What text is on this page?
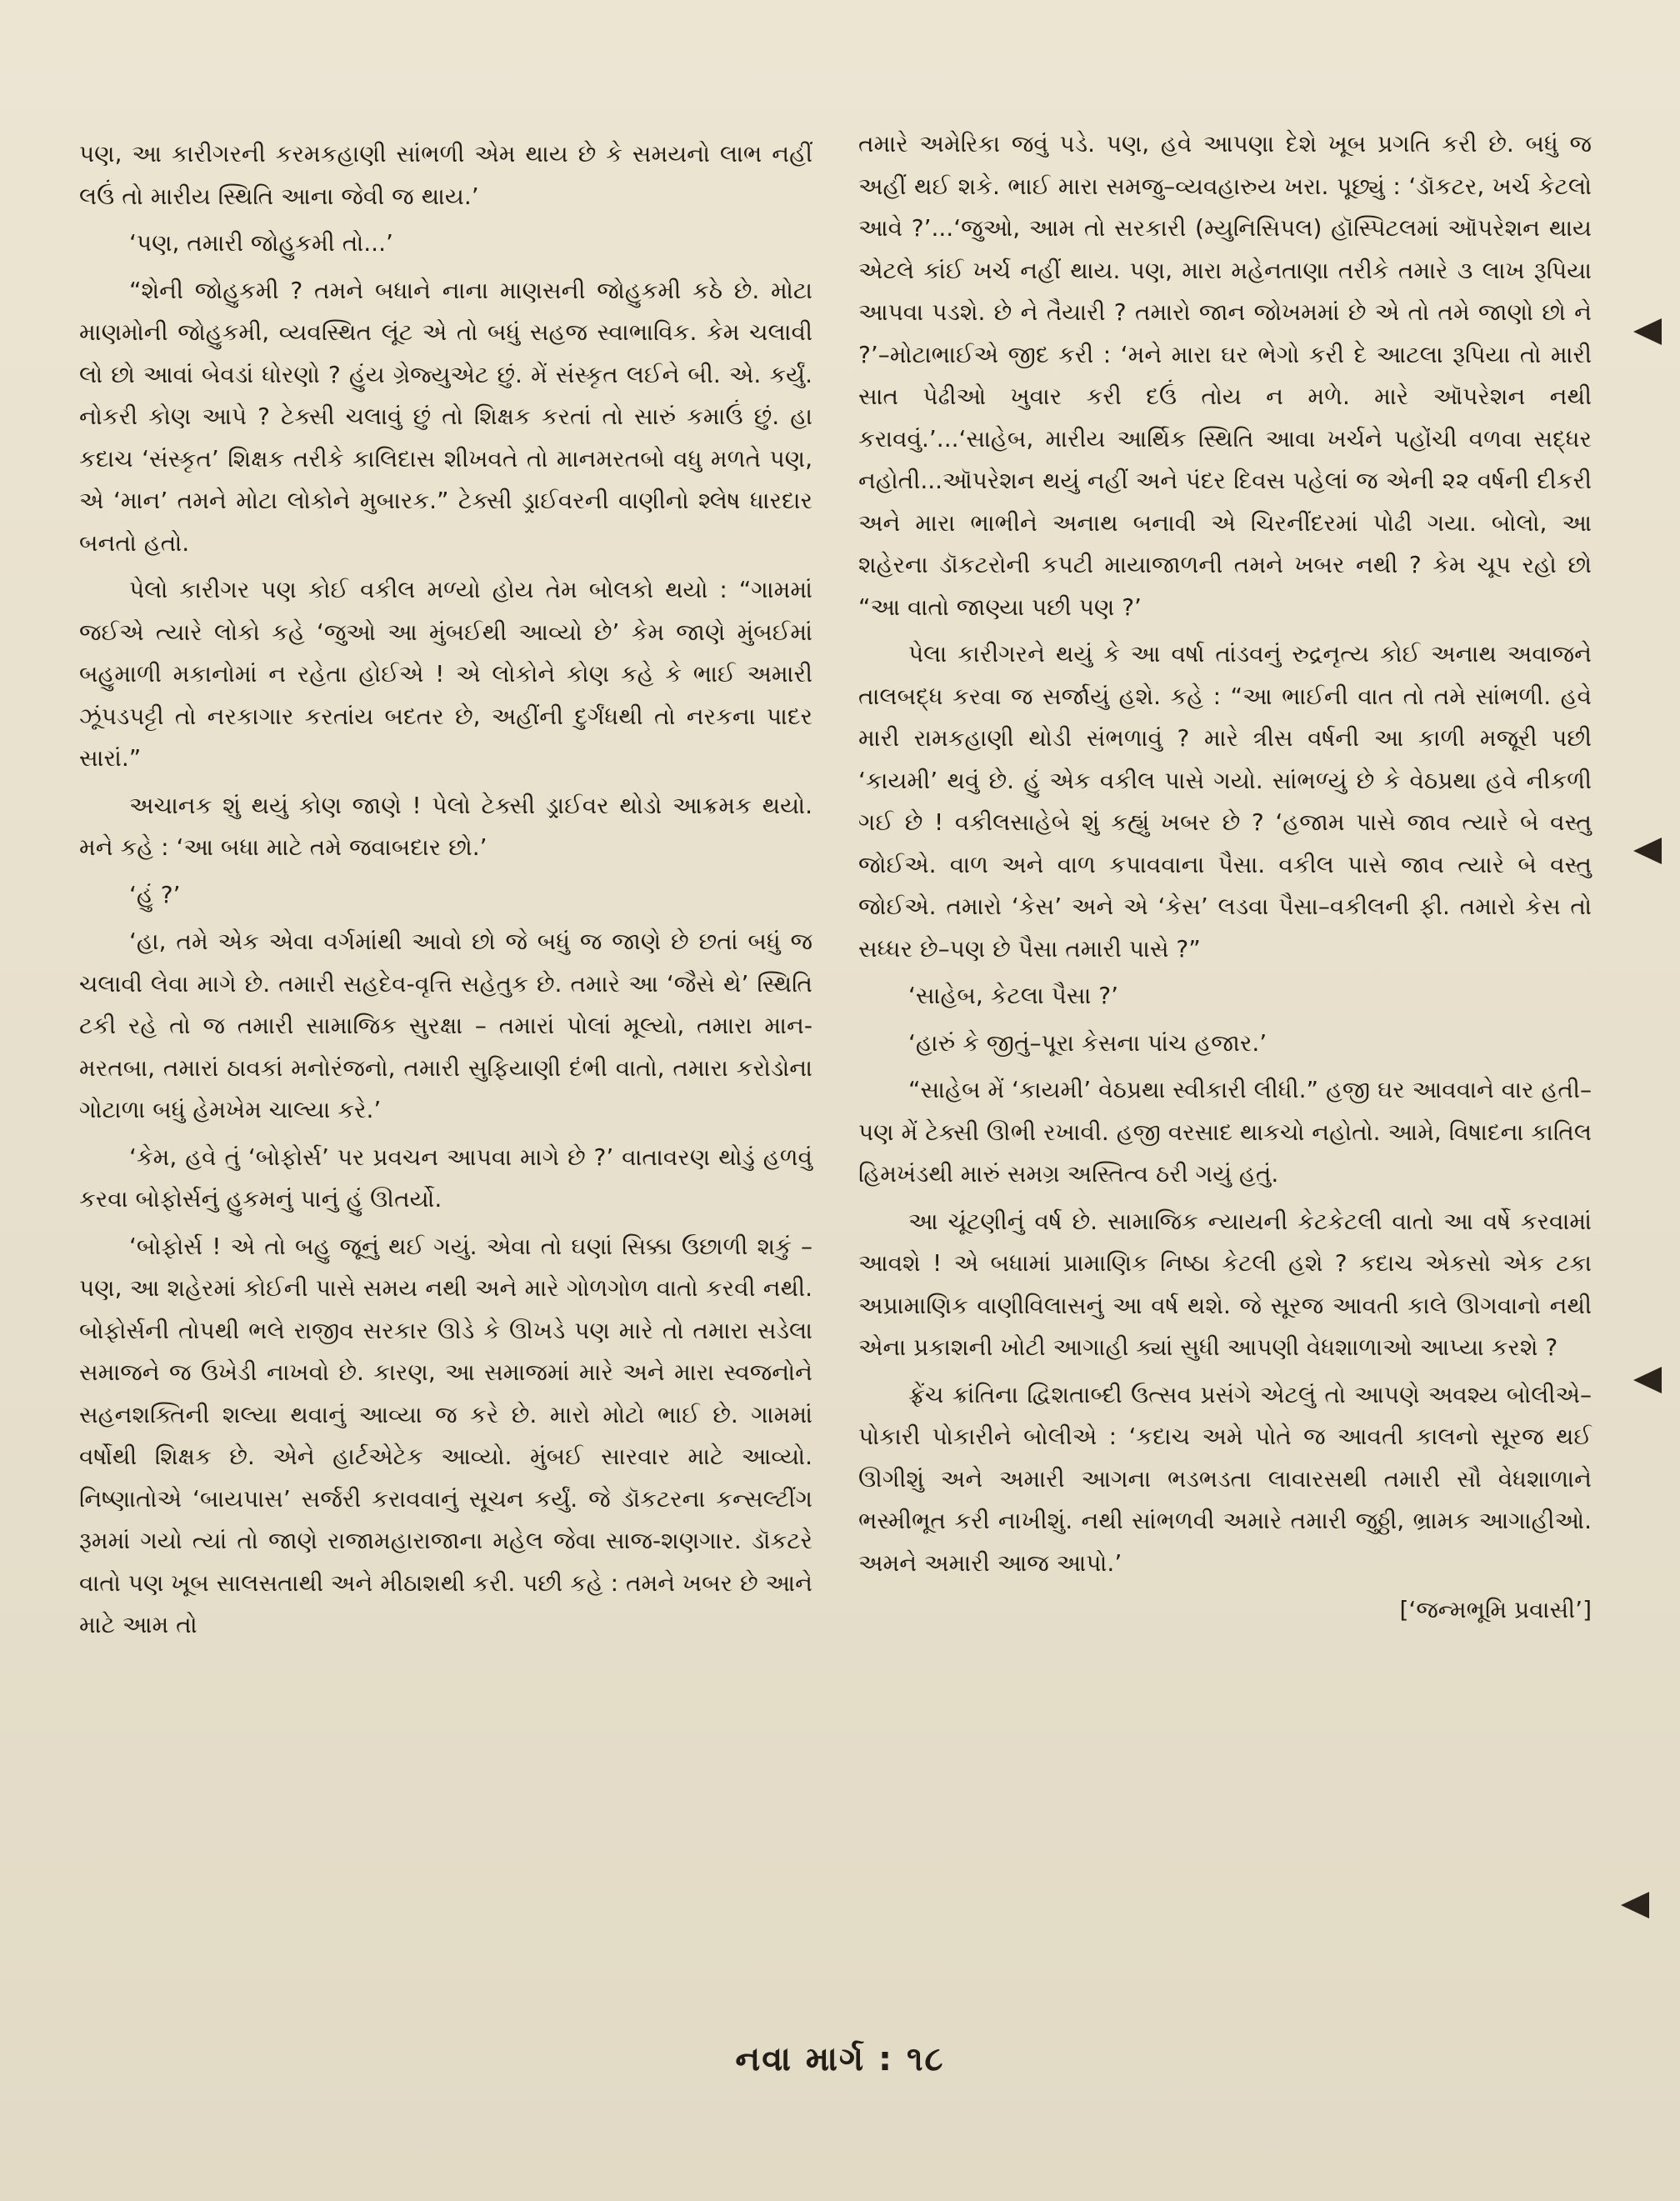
પણ, આ કારીગરની કરમકહાણી સાંભળી એમ થાય છે કે સમયનો લાભ નહીં લઉં તો મારીય સ્થિતિ આના જેવી જ થાય.’

‘પણ, તમારી જોહુકમી તો...’

“શેની જોહુકમી ? તમને બધાને નાના માણસની જોહુકમી કઠે છે. મોટા માણમોની જોહુકમી, વ્યવસ્થિત લૂંટ એ તો બધું સહજ સ્વાભાવિક. કેમ ચલાવી લો છો આવાં બેવડાં ધોરણો ? હુંય ગ્રેજ્યુએટ છું. મેં સંસ્કૃત લઈને બી. એ. કર્યું. નોકરી કોણ આપે ? ટેક્સી ચલાવું છું તો શિક્ષક કરતાં તો સારું કમાઉં છું. હા કદાચ ‘સંસ્કૃત’ શિક્ષક તરીકે કાલિદાસ શીખવતે તો માનમરતબો વધુ મળતે પણ, એ ‘માન’ તમને મોટા લોકોને મુબારક.” ટેક્સી ડ્રાઈવરની વાણીનો શ્લેષ ધારદાર બનતો હતો.

પેલો કારીગર પણ કોઈ વકીલ મળ્યો હોય તેમ બોલકો થયો : “ગામમાં જઈએ ત્યારે લોકો કહે ‘જુઓ આ મુંબઈથી આવ્યો છે’ કેમ જાણે મુંબઈમાં બહુમાળી મકાનોમાં ન રહેતા હોઈએ ! એ લોકોને કોણ કહે કે ભાઈ અમારી ઝૂંપડપટ્ટી તો નરકાગાર કરતાંય બદતર છે, અહીંની દુર્ગંધથી તો નરકના પાદર સારાં.”

અચાનક શું થયું કોણ જાણે ! પેલો ટેક્સી ડ્રાઈવર થોડો આક્રમક થયો. મને કહે : ‘આ બધા માટે તમે જવાબદાર છો.’

‘હું ?’

‘હા, તમે એક એવા વર્ગમાંથી આવો છો જે બધું જ જાણે છે છતાં બધું જ ચલાવી લેવા માગે છે. તમારી સહદેવ-વૃત્તિ સહેતુક છે. તમારે આ ‘જૈસે થે’ સ્થિતિ ટકી રહે તો જ તમારી સામાજિક સુરક્ષા – તમારાં પોલાં મૂલ્યો, તમારા માન-મરતબા, તમારાં ઠાવકાં મનોરંજનો, તમારી સુફિયાણી દંભી વાતો, તમારા કરોડોના ગોટાળા બધું હેમખેમ ચાલ્યા કરે.’

‘કેમ, હવે તું ‘બોફોર્સ’ પર પ્રવચન આપવા માગે છે ?’ વાતાવરણ થોડું હળવું કરવા બોફોર્સનું હુકમનું પાનું હું ઊતર્યો.

‘બોફોર્સ ! એ તો બહુ જૂનું થઈ ગયું. એવા તો ઘણાં સિક્કા ઉછાળી શકું – પણ, આ શહેરમાં કોઈની પાસે સમય નથી અને મારે ગોળગોળ વાતો કરવી નથી. બોફોર્સની તોપથી ભલે રાજીવ સરકાર ઊડે કે ઊખડે પણ મારે તો તમારા સડેલા સમાજને જ ઉખેડી નાખવો છે. કારણ, આ સમાજમાં મારે અને મારા સ્વજનોને સહનશક્તિની શલ્યા થવાનું આવ્યા જ કરે છે. મારો મોટો ભાઈ છે. ગામમાં વર્ષોથી શિક્ષક છે. એને હાર્ટએટેક આવ્યો. મુંબઈ સારવાર માટે આવ્યો. નિષ્ણાતોએ ‘બાયપાસ’ સર્જરી કરાવવાનું સૂચન કર્યું. જે ડૉકટરના કન્સલ્ટીંગ રૂમમાં ગયો ત્યાં તો જાણે રાજામહારાજાના મહેલ જેવા સાજ-શણગાર. ડૉકટરે વાતો પણ ખૂબ સાલસતાથી અને મીઠાશથી કરી. પછી કહે : તમને ખબર છે આને માટે આમ તો

તમારે અમેરિકા જવું પડે. પણ, હવે આપણા દેશે ખૂબ પ્રગતિ કરી છે. બધું જ અહીં થઈ શકે. ભાઈ મારા સમજુ–વ્યવહારુય ખરા. પૂછ્યું : ‘ડૉકટર, ખર્ચ કેટલો આવે ?’...‘જુઓ, આમ તો સરકારી (મ્યુનિસિપલ) હૉસ્પિટલમાં ઑપરેશન થાય એટલે કાંઈ ખર્ચ નહીં થાય. પણ, મારા મહેનતાણા તરીકે તમારે ૩ લાખ રૂપિયા આપવા પડશે. છે ને તૈયારી ? તમારો જાન જોખમમાં છે એ તો તમે જાણો છો ને ?’–મોટાભાઈએ જીદ કરી : ‘મને મારા ઘર ભેગો કરી દે આટલા રૂપિયા તો મારી સાત પેઢીઓ ખુવાર કરી દઉં તોય ન મળે. મારે ઑપરેશન નથી કરાવવું.’...‘સાહેબ, મારીય આર્થિક સ્થિતિ આવા ખર્ચને પહોંચી વળવા સદ્ધર નહોતી...ઑપરેશન થયું નહીં અને પંદર દિવસ પહેલાં જ એની ૨૨ વર્ષની દીકરી અને મારા ભાભીને અનાથ બનાવી એ ચિરનીંદરમાં પોઢી ગયા. બોલો, આ શહેરના ડૉકટરોની કપટી માયાજાળની તમને ખબર નથી ? કેમ ચૂપ રહો છો “આ વાતો જાણ્યા પછી પણ ?’

પેલા કારીગરને થયું કે આ વર્ષા તાંડવનું રુદ્રનૃત્ય કોઈ અનાથ અવાજને તાલબદ્ધ કરવા જ સર્જાયું હશે. કહે : “આ ભાઈની વાત તો તમે સાંભળી. હવે મારી રામકહાણી થોડી સંભળાવું ? મારે ત્રીસ વર્ષની આ કાળી મજૂરી પછી ‘કાયમી’ થવું છે. હું એક વકીલ પાસે ગયો. સાંભળ્યું છે કે વેઠપ્રથા હવે નીકળી ગઈ છે ! વકીલસાહેબે શું કહ્યું ખબર છે ? ‘હજામ પાસે જાવ ત્યારે બે વસ્તુ જોઈએ. વાળ અને વાળ કપાવવાના પૈસા. વકીલ પાસે જાવ ત્યારે બે વસ્તુ જોઈએ. તમારો ‘કેસ’ અને એ ‘કેસ’ લડવા પૈસા–વકીલની ફી. તમારો કેસ તો સધ્ધર છે–પણ છે પૈસા તમારી પાસે ?”

‘સાહેબ, કેટલા પૈસા ?’

‘હારું કે જીતું–પૂરા કેસના પાંચ હજાર.’

“સાહેબ મેં ‘કાયમી’ વેઠપ્રથા સ્વીકારી લીધી.” હજી ઘર આવવાને વાર હતી–પણ મેં ટેક્સી ઊભી રખાવી. હજી વરસાદ થાકચો નહોતો. આમે, વિષાદના કાતિલ હિમખંડથી મારું સમગ્ર અસ્તિત્વ ઠરી ગયું હતું.

આ ચૂંટણીનું વર્ષ છે. સામાજિક ન્યાયની કેટકેટલી વાતો આ વર્ષે કરવામાં આવશે ! એ બધામાં પ્રામાણિક નિષ્ઠા કેટલી હશે ? કદાચ એકસો એક ટકા અપ્રામાણિક વાણીવિલાસનું આ વર્ષ થશે. જે સૂરજ આવતી કાલે ઊગવાનો નથી એના પ્રકાશની ખોટી આગાહી ક્યાં સુધી આપણી વેધશાળાઓ આપ્યા કરશે ?

ફ્રેંચ ક્રાંતિના દ્વિશતાબ્દી ઉત્સવ પ્રસંગે એટલું તો આપણે અવશ્ય બોલીએ–પોકારી પોકારીને બોલીએ : ‘કદાચ અમે પોતે જ આવતી કાલનો સૂરજ થઈ ઊગીશું અને અમારી આગના ભડભડતા લાવારસથી તમારી સૌ વેધશાળાને ભસ્મીભૂત કરી નાખીશું. નથી સાંભળવી અમારે તમારી જુઠ્ઠી, ભ્રામક આગાહીઓ. અમને અમારી આજ આપો.’

[‘જન્મભૂમિ પ્રવાસી’]

નવા માર્ગ : ૧૮
